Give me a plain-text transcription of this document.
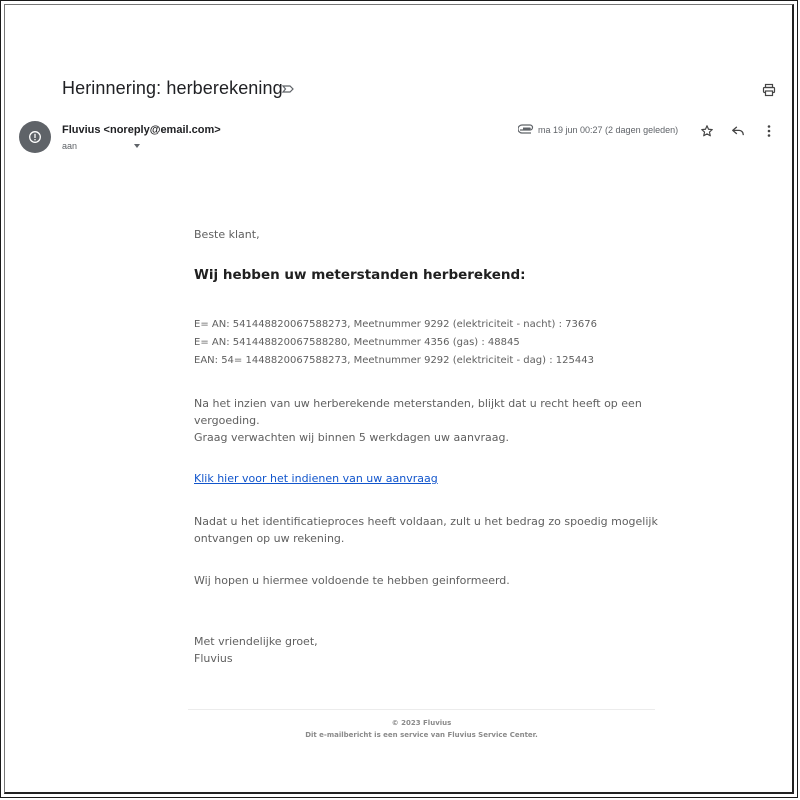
Herinnering: herberekening
Fluvius <noreply@email.com>
aan
ma 19 jun 00:27 (2 dagen geleden)
Beste klant,
Wij hebben uw meterstanden herberekend:
E= AN: 541448820067588273, Meetnummer 9292 (elektriciteit - nacht) : 73676
E= AN: 541448820067588280, Meetnummer 4356 (gas) : 48845
EAN: 54= 1448820067588273, Meetnummer 9292 (elektriciteit - dag) : 125443
Na het inzien van uw herberekende meterstanden, blijkt dat u recht heeft op een vergoeding.
Graag verwachten wij binnen 5 werkdagen uw aanvraag.
Klik hier voor het indienen van uw aanvraag
Nadat u het identificatieproces heeft voldaan, zult u het bedrag zo spoedig mogelijk ontvangen op uw rekening.
Wij hopen u hiermee voldoende te hebben geinformeerd.
Met vriendelijke groet,
Fluvius
© 2023 Fluvius
Dit e-mailbericht is een service van Fluvius Service Center.
